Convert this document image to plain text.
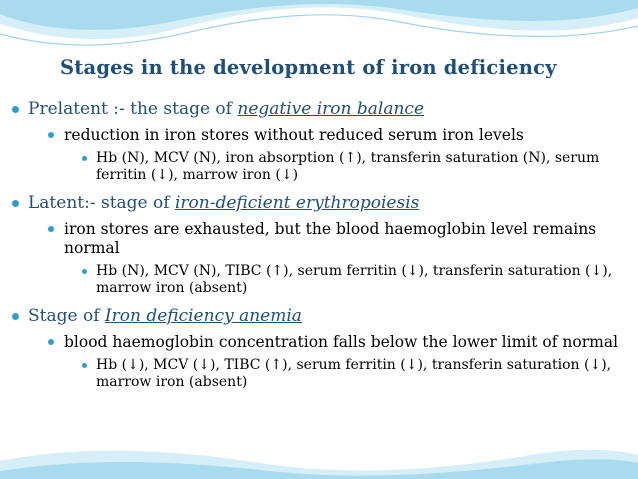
Stages in the development of iron deficiency
Prelatent :- the stage of negative iron balance
reduction in iron stores without reduced serum iron levels
Hb (N), MCV (N), iron absorption (↑), transferin saturation (N), serum ferritin (↓), marrow iron (↓)
Latent:- stage of iron-deficient erythropoiesis
iron stores are exhausted, but the blood haemoglobin level remains normal
Hb (N), MCV (N), TIBC (↑), serum ferritin (↓), transferin saturation (↓), marrow iron (absent)
Stage of Iron deficiency anemia
blood haemoglobin concentration falls below the lower limit of normal
Hb (↓), MCV (↓), TIBC (↑), serum ferritin (↓), transferin saturation (↓), marrow iron (absent)
